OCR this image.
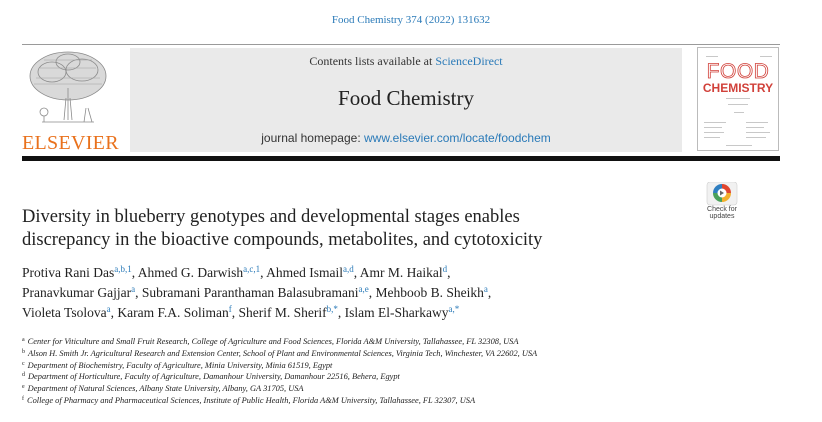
Food Chemistry 374 (2022) 131632
ELSEVIER
Contents lists available at ScienceDirect
Food Chemistry
journal homepage: www.elsevier.com/locate/foodchem
FOOD
CHEMISTRY
Check for
updates
Diversity in blueberry genotypes and developmental stages enables
discrepancy in the bioactive compounds, metabolites, and cytotoxicity
Protiva Rani Das$^{a,b,1}$, Ahmed G. Darwish$^{a,c,1}$, Ahmed Ismail$^{a,d}$, Amr M. Haikal$^d$,
Pranavkumar Gajjar$^a$, Subramani Paranthaman Balasubramani$^{a,e}$, Mehboob B. Sheikh$^a$,
Violeta Tsolova$^a$, Karam F.A. Soliman$^f$, Sherif M. Sherif$^{b,*}$, Islam El-Sharkawy$^{a,*}$
$^a$ Center for Viticulture and Small Fruit Research, College of Agriculture and Food Sciences, Florida A&M University, Tallahassee, FL 32308, USA
$^b$ Alson H. Smith Jr. Agricultural Research and Extension Center, School of Plant and Environmental Sciences, Virginia Tech, Winchester, VA 22602, USA
$^c$ Department of Biochemistry, Faculty of Agriculture, Minia University, Minia 61519, Egypt
$^d$ Department of Horticulture, Faculty of Agriculture, Damanhour University, Damanhour 22516, Behera, Egypt
$^e$ Department of Natural Sciences, Albany State University, Albany, GA 31705, USA
$^f$ College of Pharmacy and Pharmaceutical Sciences, Institute of Public Health, Florida A&M University, Tallahassee, FL 32307, USA
